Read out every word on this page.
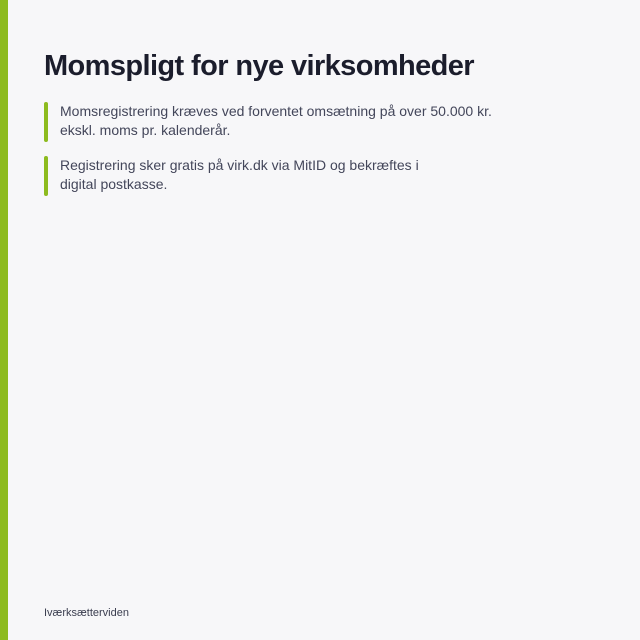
Momspligt for nye virksomheder
Momsregistrering kræves ved forventet omsætning på over 50.000 kr.
ekskl. moms pr. kalenderår.
Registrering sker gratis på virk.dk via MitID og bekræftes i
digital postkasse.
Iværksætterviden
